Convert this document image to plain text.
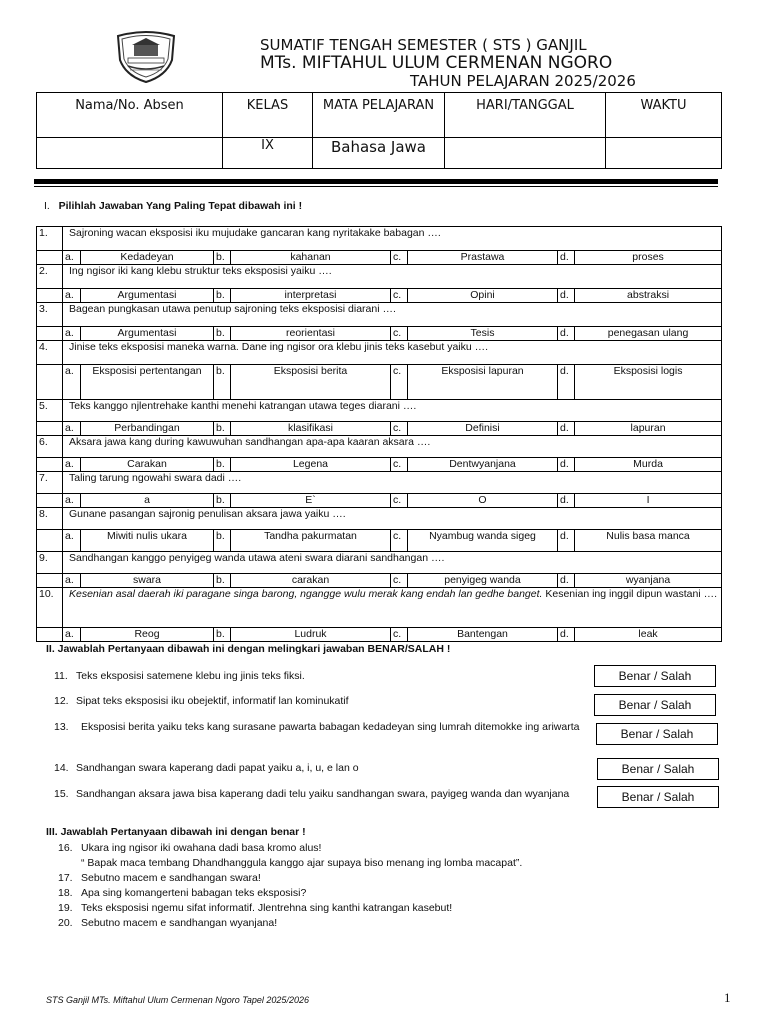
SUMATIF TENGAH SEMESTER ( STS ) GANJIL
MTs. MIFTAHUL ULUM CERMENAN NGORO
TAHUN PELAJARAN 2025/2026
Nama/No. Absen	KELAS	MATA PELAJARAN	HARI/TANGGAL	WAKTU
	IX	Bahasa Jawa		
I. Pilihlah Jawaban Yang Paling Tepat dibawah ini !
1.	Sajroning wacan eksposisi iku mujudake gancaran kang nyritakake babagan ….							
	a.	Kedadeyan	b.	kahanan	c.	Prastawa	d.	proses
2.	Ing ngisor iki kang klebu struktur teks eksposisi yaiku ….							
	a.	Argumentasi	b.	interpretasi	c.	Opini	d.	abstraksi
3.	Bagean pungkasan utawa penutup sajroning teks eksposisi diarani ….							
	a.	Argumentasi	b.	reorientasi	c.	Tesis	d.	penegasan ulang
4.	Jinise teks eksposisi maneka warna. Dane ing ngisor ora klebu jinis teks kasebut yaiku ….							
	a.	Eksposisi pertentangan	b.	Eksposisi berita	c.	Eksposisi lapuran	d.	Eksposisi logis
5.	Teks kanggo njlentrehake kanthi menehi katrangan utawa teges diarani ….							
	a.	Perbandingan	b.	klasifikasi	c.	Definisi	d.	lapuran
6.	Aksara jawa kang during kawuwuhan sandhangan apa-apa kaaran aksara ….							
	a.	Carakan	b.	Legena	c.	Dentwyanjana	d.	Murda
7.	Taling tarung ngowahi swara dadi ….							
	a.	a	b.	E`	c.	O	d.	I
8.	Gunane pasangan sajronig penulisan aksara jawa yaiku ….							
	a.	Miwiti nulis ukara	b.	Tandha pakurmatan	c.	Nyambug wanda sigeg	d.	Nulis basa manca
9.	Sandhangan kanggo penyigeg wanda utawa ateni swara diarani sandhangan ….							
	a.	swara	b.	carakan	c.	penyigeg wanda	d.	wyanjana
10.	Kesenian asal daerah iki paragane singa barong, ngangge wulu merak kang endah lan gedhe banget. Kesenian ing inggil dipun wastani ….							
	a.	Reog	b.	Ludruk	c.	Bantengan	d.	leak
II. Jawablah Pertanyaan dibawah ini dengan melingkari jawaban BENAR/SALAH !
11. Teks eksposisi satemene klebu ing jinis teks fiksi.	Benar / Salah
12. Sipat teks eksposisi iku obejektif, informatif lan kominukatif	Benar / Salah
13.	Eksposisi berita yaiku teks kang surasane pawarta babagan kedadeyan sing lumrah ditemokke ing ariwarta	Benar / Salah
14. Sandhangan swara kaperang dadi papat yaiku a, i, u, e lan o	Benar / Salah
15. Sandhangan aksara jawa bisa kaperang dadi telu yaiku sandhangan swara, payigeg wanda dan wyanjana	Benar / Salah
III. Jawablah Pertanyaan dibawah ini dengan benar !
16. Ukara ing ngisor iki owahana dadi basa kromo alus!
“ Bapak maca tembang Dhandhanggula kanggo ajar supaya biso menang ing lomba macapat”.
17. Sebutno macem e sandhangan swara!
18. Apa sing komangerteni babagan teks eksposisi?
19. Teks eksposisi ngemu sifat informatif. Jlentrehna sing kanthi katrangan kasebut!
20. Sebutno macem e sandhangan wyanjana!
STS Ganjil MTs. Miftahul Ulum Cermenan Ngoro Tapel 2025/2026	1
